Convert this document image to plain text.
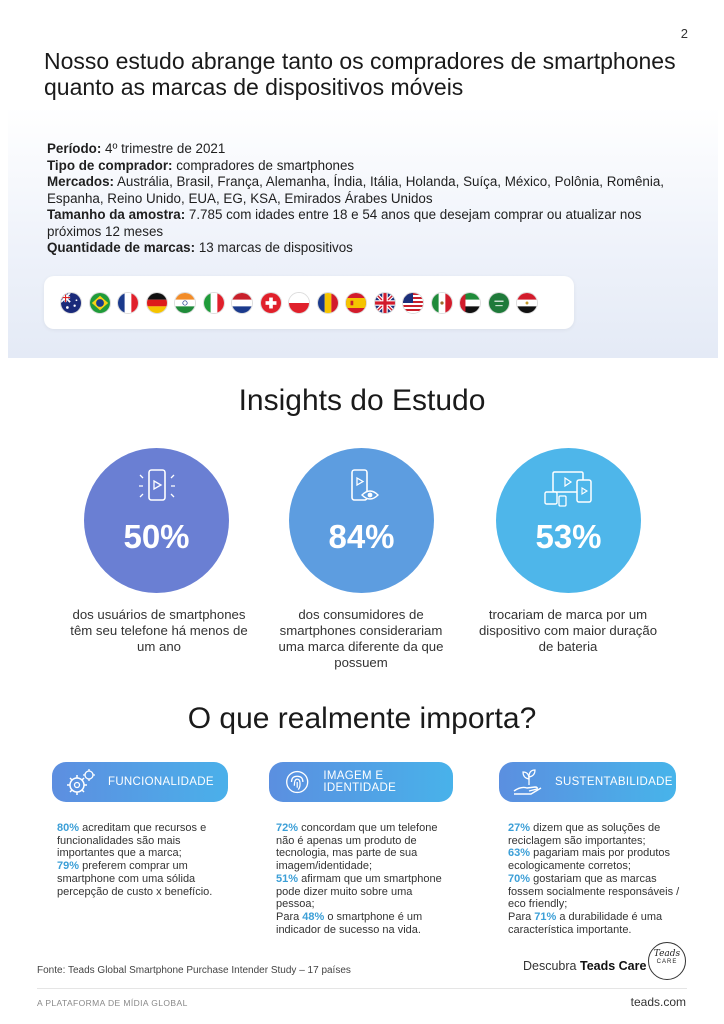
2
Nosso estudo abrange tanto os compradores de smartphones quanto as marcas de dispositivos móveis
Período: 4º trimestre de 2021
Tipo de comprador: compradores de smartphones
Mercados: Austrália, Brasil, França, Alemanha, Índia, Itália, Holanda, Suíça, México, Polônia, Romênia, Espanha, Reino Unido, EUA, EG, KSA, Emirados Árabes Unidos
Tamanho da amostra: 7.785 com idades entre 18 e 54 anos que desejam comprar ou atualizar nos próximos 12 meses
Quantidade de marcas: 13 marcas de dispositivos
Insights do Estudo
50%
dos usuários de smartphones têm seu telefone há menos de um ano
84%
dos consumidores de smartphones considerariam uma marca diferente da que possuem
53%
trocariam de marca por um dispositivo com maior duração de bateria
O que realmente importa?
FUNCIONALIDADE	IMAGEM E IDENTIDADE	SUSTENTABILIDADE
80% acreditam que recursos e funcionalidades são mais importantes que a marca;
79% preferem comprar um smartphone com uma sólida percepção de custo x benefício.
72% concordam que um telefone não é apenas um produto de tecnologia, mas parte de sua imagem/identidade;
51% afirmam que um smartphone pode dizer muito sobre uma pessoa;
Para 48% o smartphone é um indicador de sucesso na vida.
27% dizem que as soluções de reciclagem são importantes;
63% pagariam mais por produtos ecologicamente corretos;
70% gostariam que as marcas fossem socialmente responsáveis / eco friendly;
Para 71% a durabilidade é uma característica importante.
Fonte: Teads Global Smartphone Purchase Intender Study – 17 países	Descubra Teads Care
Teads
CARE
A PLATAFORMA DE MÍDIA GLOBAL	teads.com
